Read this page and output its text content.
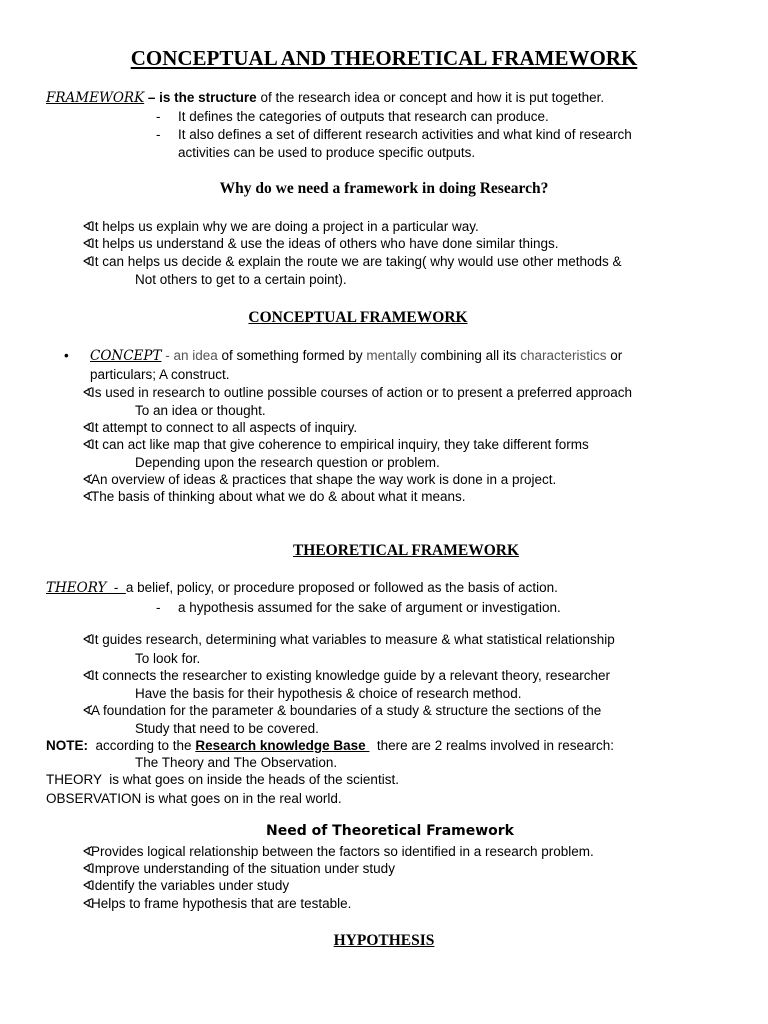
CONCEPTUAL AND THEORETICAL FRAMEWORK
FRAMEWORK – is the structure of the research idea or concept and how it is put together.
- It defines the categories of outputs that research can produce.
- It also defines a set of different research activities and what kind of research
activities can be used to produce specific outputs.
Why do we need a framework in doing Research?
∢It helps us explain why we are doing a project in a particular way.
∢It helps us understand & use the ideas of others who have done similar things.
∢It can helps us decide & explain the route we are taking( why would use other methods &
Not others to get to a certain point).
CONCEPTUAL FRAMEWORK
• CONCEPT - an idea of something formed by mentally combining all its characteristics or
particulars; A construct.
∢Is used in research to outline possible courses of action or to present a preferred approach
To an idea or thought.
∢It attempt to connect to all aspects of inquiry.
∢It can act like map that give coherence to empirical inquiry, they take different forms
Depending upon the research question or problem.
∢An overview of ideas & practices that shape the way work is done in a project.
∢The basis of thinking about what we do & about what it means.
THEORETICAL FRAMEWORK
THEORY  -  a belief, policy, or procedure proposed or followed as the basis of action.
- a hypothesis assumed for the sake of argument or investigation.
∢It guides research, determining what variables to measure & what statistical relationship
To look for.
∢It connects the researcher to existing knowledge guide by a relevant theory, researcher
Have the basis for their hypothesis & choice of research method.
∢A foundation for the parameter & boundaries of a study & structure the sections of the
Study that need to be covered.
NOTE:  according to the Research knowledge Base   there are 2 realms involved in research:
The Theory and The Observation.
THEORY  is what goes on inside the heads of the scientist.
OBSERVATION is what goes on in the real world.
Need of Theoretical Framework
∢Provides logical relationship between the factors so identified in a research problem.
∢Improve understanding of the situation under study
∢Identify the variables under study
∢Helps to frame hypothesis that are testable.
HYPOTHESIS
